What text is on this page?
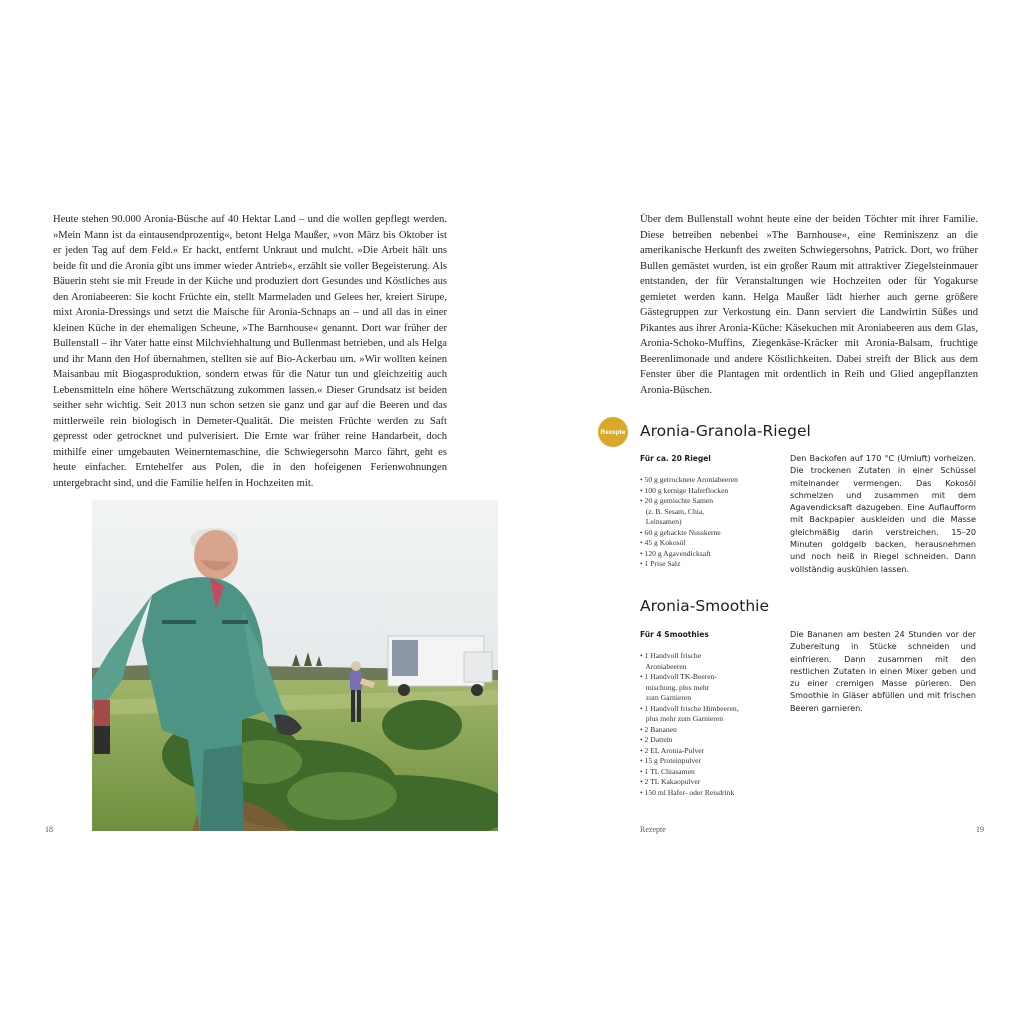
Heute stehen 90.000 Aronia-Büsche auf 40 Hektar Land – und die wollen gepflegt werden. »Mein Mann ist da eintausendprozentig«, betont Helga Maußer, »von März bis Oktober ist er jeden Tag auf dem Feld.« Er hackt, entfernt Unkraut und mulcht. »Die Arbeit hält uns beide fit und die Aronia gibt uns immer wieder Antrieb«, erzählt sie voller Begeisterung. Als Bäuerin steht sie mit Freude in der Küche und produziert dort Gesundes und Köstliches aus den Aroniabeeren: Sie kocht Früchte ein, stellt Marmeladen und Gelees her, kreiert Sirupe, mixt Aronia-Dressings und setzt die Maische für Aronia-Schnaps an – und all das in einer kleinen Küche in der ehemaligen Scheune, »The Barnhouse« genannt. Dort war früher der Bullenstall – ihr Vater hatte einst Milchviehhaltung und Bullenmast betrieben, und als Helga und ihr Mann den Hof übernahmen, stellten sie auf Bio-Ackerbau um. »Wir wollten keinen Maisanbau mit Biogasproduktion, sondern etwas für die Natur tun und gleichzeitig auch Lebensmitteln eine höhere Wertschätzung zukommen lassen.« Dieser Grundsatz ist beiden seither sehr wichtig. Seit 2013 nun schon setzen sie ganz und gar auf die Beeren und das mittlerweile rein biologisch in Demeter-Qualität. Die meisten Früchte werden zu Saft gepresst oder getrocknet und pulverisiert. Die Ernte war früher reine Handarbeit, doch mithilfe einer umgebauten Weinerntemaschine, die Schwiegersohn Marco fährt, geht es heute einfacher. Erntehelfer aus Polen, die in den hofeigenen Ferienwohnungen untergebracht sind, und die Familie helfen in Hochzeiten mit.

18

Über dem Bullenstall wohnt heute eine der beiden Töchter mit ihrer Familie. Diese betreiben nebenbei »The Barnhouse«, eine Reminiszenz an die amerikanische Herkunft des zweiten Schwiegersohns, Patrick. Dort, wo früher Bullen gemästet wurden, ist ein großer Raum mit attraktiver Ziegelsteinmauer entstanden, der für Veranstaltungen wie Hochzeiten oder für Yogakurse gemietet werden kann. Helga Maußer lädt hierher auch gerne größere Gästegruppen zur Verkostung ein. Dann serviert die Landwirtin Süßes und Pikantes aus ihrer Aronia-Küche: Käsekuchen mit Aroniabeeren aus dem Glas, Aronia-Schoko-Muffins, Ziegenkäse-Kräcker mit Aronia-Balsam, fruchtige Beerenlimonade und andere Köstlichkeiten. Dabei streift der Blick aus dem Fenster über die Plantagen mit ordentlich in Reih und Glied angepflanzten Aronia-Büschen.

Rezepte Aronia-Granola-Riegel
Für ca. 20 Riegel
• 50 g getrocknete Aroniabeeren
• 100 g kernige Haferflocken
• 20 g gemischte Samen
(z. B. Sesam, Chia,
Leinsamen)
• 60 g gehackte Nusskerne
• 45 g Kokosöl
• 120 g Agavendicksaft
• 1 Prise Salz
Den Backofen auf 170 °C (Umluft) vorheizen. Die trockenen Zutaten in einer Schüssel miteinander vermengen. Das Kokosöl schmelzen und zusammen mit dem Agavendicksaft dazugeben. Eine Auflaufform mit Backpapier auskleiden und die Masse gleichmäßig darin verstreichen. 15–20 Minuten goldgelb backen, herausnehmen und noch heiß in Riegel schneiden. Dann vollständig auskühlen lassen.
Aronia-Smoothie
Für 4 Smoothies
• 1 Handvoll frische
Aroniabeeren
• 1 Handvoll TK-Beeren-
mischung, plus mehr
zum Garnieren
• 1 Handvoll frische Himbeeren,
plus mehr zum Garnieren
• 2 Bananen
• 2 Datteln
• 2 EL Aronia-Pulver
• 15 g Proteinpulver
• 1 TL Chiasamen
• 2 TL Kakaopulver
• 150 ml Hafer- oder Reisdrink
Die Bananen am besten 24 Stunden vor der Zubereitung in Stücke schneiden und einfrieren. Dann zusammen mit den restlichen Zutaten in einen Mixer geben und zu einer cremigen Masse pürieren. Den Smoothie in Gläser abfüllen und mit frischen Beeren garnieren.
Rezepte	19
